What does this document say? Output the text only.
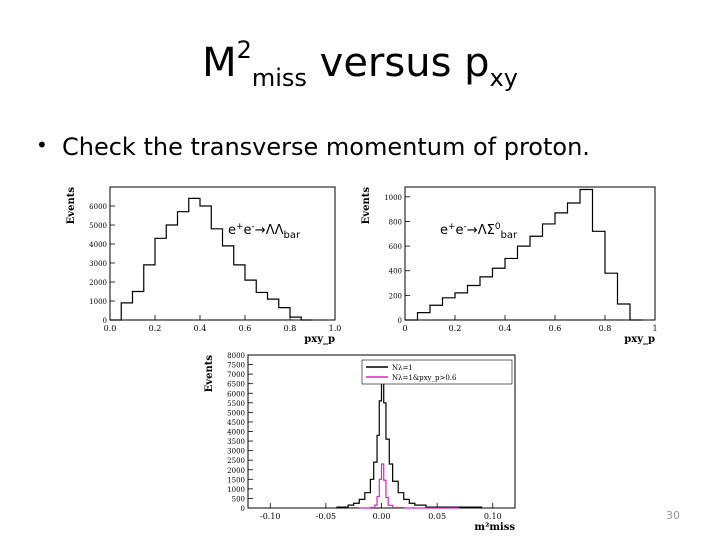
$M^2_{miss}$ versus $p_{xy}$
• Check the transverse momentum of proton.
0.0	0.2	0.4	0.6	0.8	1.0
0
1000
2000
3000
4000
5000
6000
pxy_p
Events
$e^+e^-\to\Lambda\Lambda_{bar}$
0	0.2	0.4	0.6	0.8	1
0
200
400
600
800
1000
pxy_p
Events
$e^+e^-\to\Lambda\Sigma^0_{bar}$
-0.10	-0.05	0.00	0.05	0.10
0
500
1000
1500
2000
2500
3000
3500
4000
4500
5000
5500
6000
6500
7000
7500
8000
m²miss
Events	Nλ=1
Nλ=1&pxy_p>0.6
30
